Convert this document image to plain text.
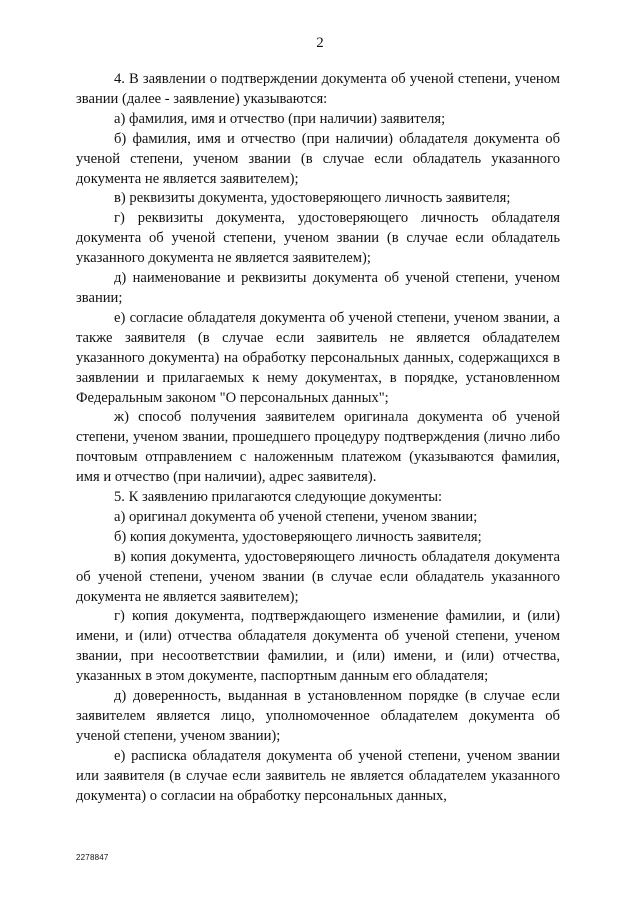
2

4. В заявлении о подтверждении документа об ученой степени, ученом звании (далее - заявление) указываются:

а) фамилия, имя и отчество (при наличии) заявителя;

б) фамилия, имя и отчество (при наличии) обладателя документа об ученой степени, ученом звании (в случае если обладатель указанного документа не является заявителем);

в) реквизиты документа, удостоверяющего личность заявителя;

г) реквизиты документа, удостоверяющего личность обладателя документа об ученой степени, ученом звании (в случае если обладатель указанного документа не является заявителем);

д) наименование и реквизиты документа об ученой степени, ученом звании;

е) согласие обладателя документа об ученой степени, ученом звании, а также заявителя (в случае если заявитель не является обладателем указанного документа) на обработку персональных данных, содержащихся в заявлении и прилагаемых к нему документах, в порядке, установленном Федеральным законом "О персональных данных";

ж) способ получения заявителем оригинала документа об ученой степени, ученом звании, прошедшего процедуру подтверждения (лично либо почтовым отправлением с наложенным платежом (указываются фамилия, имя и отчество (при наличии), адрес заявителя).

5. К заявлению прилагаются следующие документы:

а) оригинал документа об ученой степени, ученом звании;

б) копия документа, удостоверяющего личность заявителя;

в) копия документа, удостоверяющего личность обладателя документа об ученой степени, ученом звании (в случае если обладатель указанного документа не является заявителем);

г) копия документа, подтверждающего изменение фамилии, и (или) имени, и (или) отчества обладателя документа об ученой степени, ученом звании, при несоответствии фамилии, и (или) имени, и (или) отчества, указанных в этом документе, паспортным данным его обладателя;

д) доверенность, выданная в установленном порядке (в случае если заявителем является лицо, уполномоченное обладателем документа об ученой степени, ученом звании);

е) расписка обладателя документа об ученой степени, ученом звании или заявителя (в случае если заявитель не является обладателем указанного документа) о согласии на обработку персональных данных,

2278847
